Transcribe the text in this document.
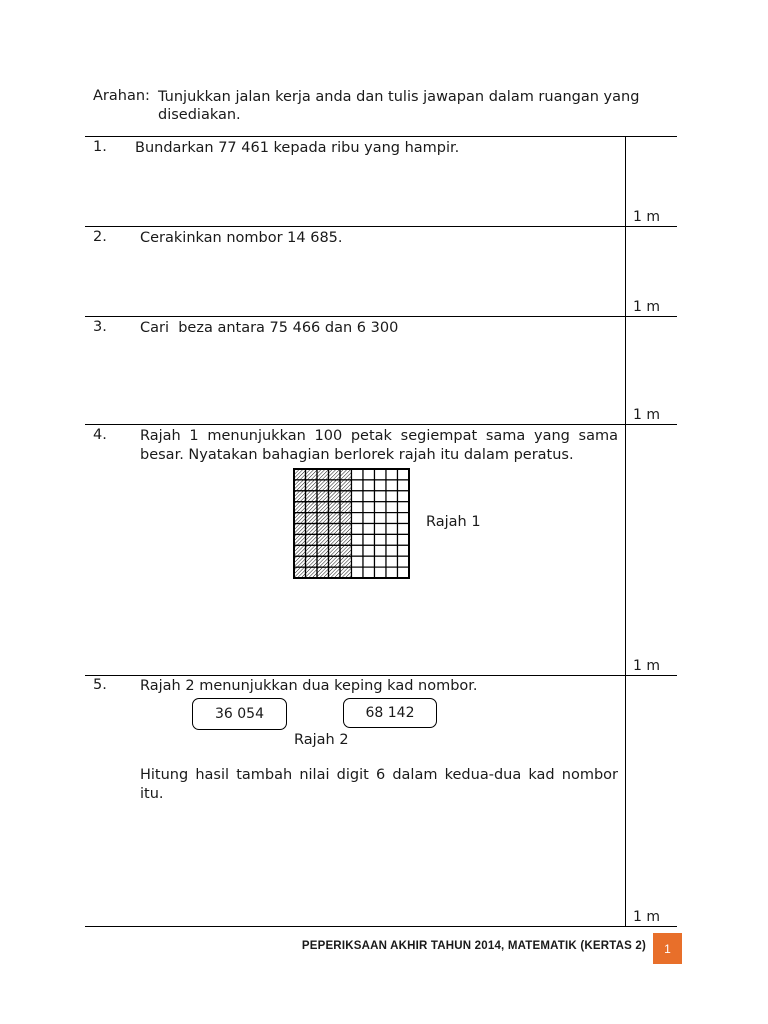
Arahan: Tunjukkan jalan kerja anda dan tulis jawapan dalam ruangan yang
disediakan.
1. Bundarkan 77 461 kepada ribu yang hampir.
1 m
2. Cerakinkan nombor 14 685.
1 m
3. Cari  beza antara 75 466 dan 6 300
1 m
4. Rajah 1 menunjukkan 100 petak segiempat sama yang sama besar. Nyatakan bahagian berlorek rajah itu dalam peratus.
Rajah 1
1 m
5. Rajah 2 menunjukkan dua keping kad nombor.
36 054	68 142
Rajah 2
Hitung hasil tambah nilai digit 6 dalam kedua-dua kad nombor itu.
1 m
PEPERIKSAAN AKHIR TAHUN 2014, MATEMATIK (KERTAS 2)	1
